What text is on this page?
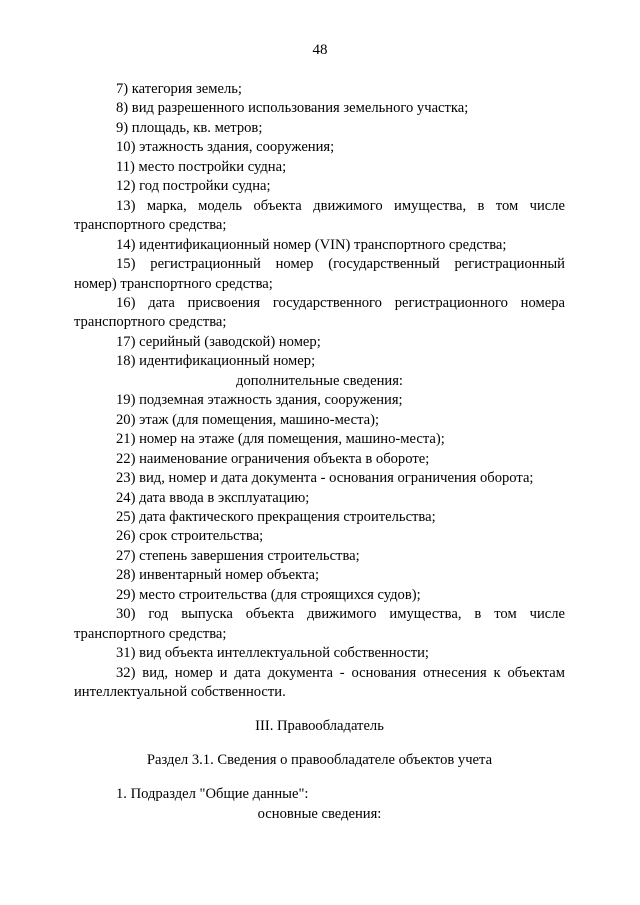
48
7) категория земель;
8) вид разрешенного использования земельного участка;
9) площадь, кв. метров;
10) этажность здания, сооружения;
11) место постройки судна;
12) год постройки судна;
13) марка, модель объекта движимого имущества, в том числе транспортного средства;
14) идентификационный номер (VIN) транспортного средства;
15) регистрационный номер (государственный регистрационный номер) транспортного средства;
16) дата присвоения государственного регистрационного номера транспортного средства;
17) серийный (заводской) номер;
18) идентификационный номер;
дополнительные сведения:
19) подземная этажность здания, сооружения;
20) этаж (для помещения, машино-места);
21) номер на этаже (для помещения, машино-места);
22) наименование ограничения объекта в обороте;
23) вид, номер и дата документа - основания ограничения оборота;
24) дата ввода в эксплуатацию;
25) дата фактического прекращения строительства;
26) срок строительства;
27) степень завершения строительства;
28) инвентарный номер объекта;
29) место строительства (для строящихся судов);
30) год выпуска объекта движимого имущества, в том числе транспортного средства;
31) вид объекта интеллектуальной собственности;
32) вид, номер и дата документа - основания отнесения к объектам интеллектуальной собственности.
III. Правообладатель
Раздел 3.1. Сведения о правообладателе объектов учета
1. Подраздел "Общие данные":
основные сведения:
